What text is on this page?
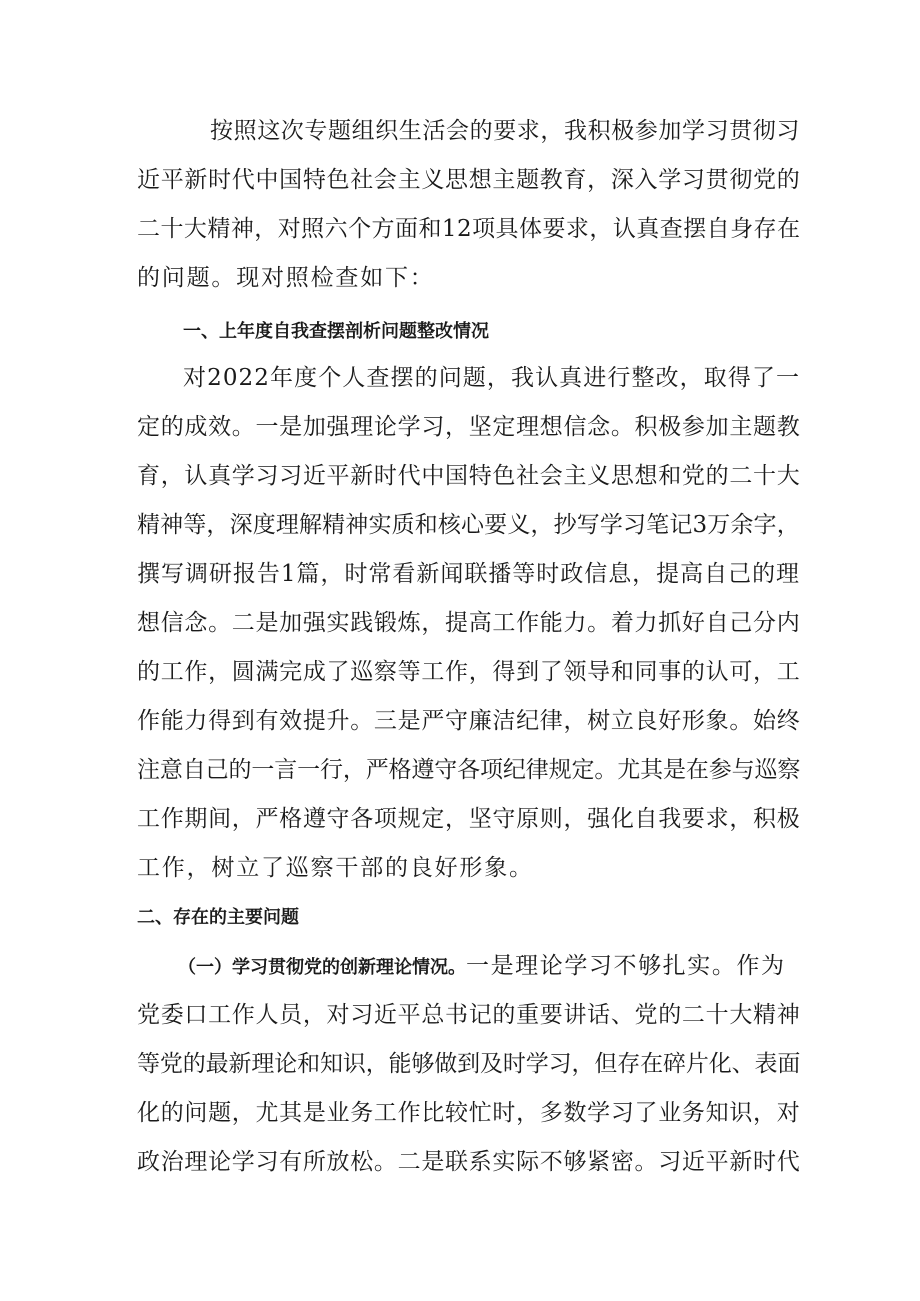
按照这次专题组织生活会的要求，我积极参加学习贯彻习
近平新时代中国特色社会主义思想主题教育，深入学习贯彻党的
二十大精神，对照六个方面和12项具体要求，认真查摆自身存在
的问题。现对照检查如下：
一、上年度自我查摆剖析问题整改情况
对2022年度个人查摆的问题，我认真进行整改，取得了一
定的成效。一是加强理论学习，坚定理想信念。积极参加主题教
育，认真学习习近平新时代中国特色社会主义思想和党的二十大
精神等，深度理解精神实质和核心要义，抄写学习笔记3万余字，
撰写调研报告1篇，时常看新闻联播等时政信息，提高自己的理
想信念。二是加强实践锻炼，提高工作能力。着力抓好自己分内
的工作，圆满完成了巡察等工作，得到了领导和同事的认可，工
作能力得到有效提升。三是严守廉洁纪律，树立良好形象。始终
注意自己的一言一行，严格遵守各项纪律规定。尤其是在参与巡察
工作期间，严格遵守各项规定，坚守原则，强化自我要求，积极
工作，树立了巡察干部的良好形象。
二、存在的主要问题
（一）学习贯彻党的创新理论情况。一是理论学习不够扎实。作为
党委口工作人员，对习近平总书记的重要讲话、党的二十大精神
等党的最新理论和知识，能够做到及时学习，但存在碎片化、表面
化的问题，尤其是业务工作比较忙时，多数学习了业务知识，对
政治理论学习有所放松。二是联系实际不够紧密。习近平新时代
